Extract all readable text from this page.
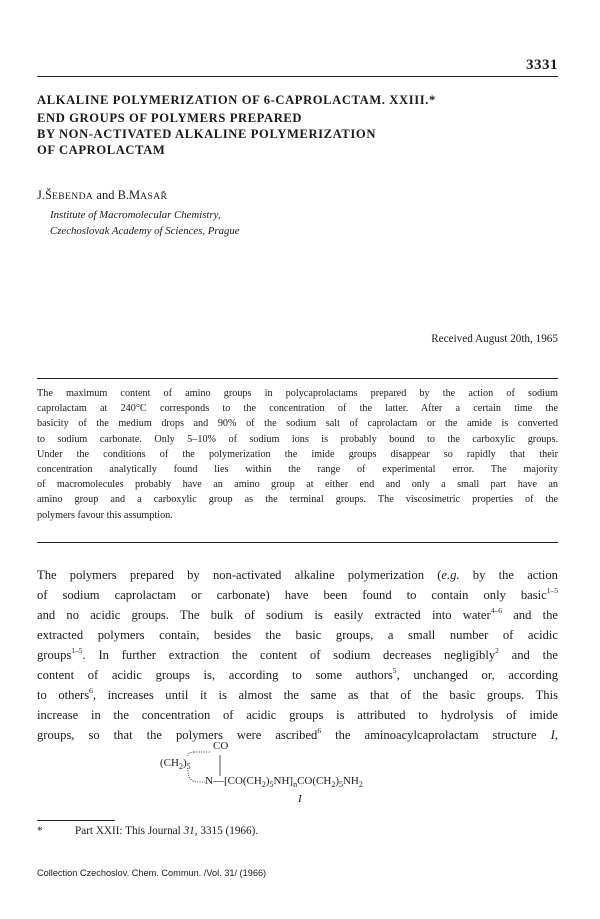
3331
ALKALINE POLYMERIZATION OF 6-CAPROLACTAM. XXIII.*
END GROUPS OF POLYMERS PREPARED
BY NON-ACTIVATED ALKALINE POLYMERIZATION
OF CAPROLACTAM
J.ŠEBENDA and B.MASAŘ
Institute of Macromolecular Chemistry,
Czechoslovak Academy of Sciences, Prague
Received August 20th, 1965
The maximum content of amino groups in polycaprolactams prepared by the action of sodium
caprolactam at 240°C corresponds to the concentration of the latter. After a certain time the
basicity of the medium drops and 90% of the sodium salt of caprolactam or the amide is converted
to sodium carbonate. Only 5–10% of sodium ions is probably bound to the carboxylic groups.
Under the conditions of the polymerization the imide groups disappear so rapidly that their
concentration analytically found lies within the range of experimental error. The majority
of macromolecules probably have an amino group at either end and only a small part have an
amino group and a carboxylic group as the terminal groups. The viscosimetric properties of the
polymers favour this assumption.
The polymers prepared by non-activated alkaline polymerization (e.g. by the action
of sodium caprolactam or carbonate) have been found to contain only basic$^{1-5}$
and no acidic groups. The bulk of sodium is easily extracted into water$^{4-6}$ and the
extracted polymers contain, besides the basic groups, a small number of acidic
groups$^{1-5}$. In further extraction the content of sodium decreases negligibly$^2$ and the
content of acidic groups is, according to some authors$^5$, unchanged or, according
to others$^6$, increases until it is almost the same as that of the basic groups. This
increase in the concentration of acidic groups is attributed to hydrolysis of imide
groups, so that the polymers were ascribed$^6$ the aminoacylcaprolactam structure I,
CO
$(CH_2)_5$
$N—[CO(CH_2)_5NH]_nCO(CH_2)_5NH_2$
I
*	Part XXII: This Journal 31, 3315 (1966).
Collection Czechoslov. Chem. Commun. /Vol. 31/ (1966)
